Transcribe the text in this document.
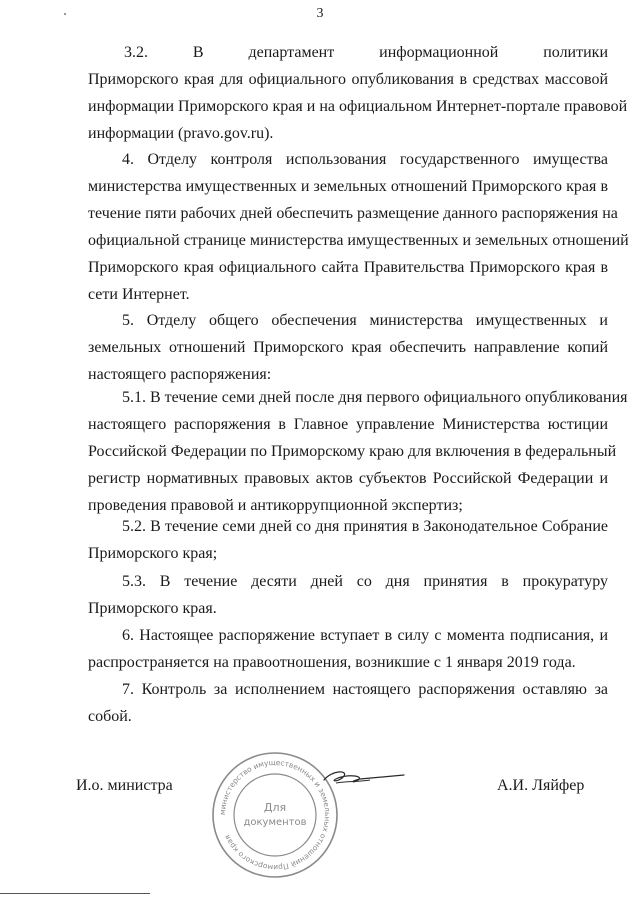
3

3.2. В департамент информационной политики
Приморского края для официального опубликования в средствах массовой
информации Приморского края и на официальном Интернет-портале правовой
информации (pravo.gov.ru).

4. Отделу контроля использования государственного имущества
министерства имущественных и земельных отношений Приморского края в
течение пяти рабочих дней обеспечить размещение данного распоряжения на
официальной странице министерства имущественных и земельных отношений
Приморского края официального сайта Правительства Приморского края в
сети Интернет.

5. Отделу общего обеспечения министерства имущественных и
земельных отношений Приморского края обеспечить направление копий
настоящего распоряжения:

5.1. В течение семи дней после дня первого официального опубликования
настоящего распоряжения в Главное управление Министерства юстиции
Российской Федерации по Приморскому краю для включения в федеральный
регистр нормативных правовых актов субъектов Российской Федерации и
проведения правовой и антикоррупционной экспертиз;

5.2. В течение семи дней со дня принятия в Законодательное Собрание
Приморского края;

5.3. В течение десяти дней со дня принятия в прокуратуру
Приморского края.

6. Настоящее распоряжение вступает в силу с момента подписания, и
распространяется на правоотношения, возникшие с 1 января 2019 года.

7. Контроль за исполнением настоящего распоряжения оставляю за
собой.

И.о. министра
министерство имущественных и земельных отношений Приморского края
Для
документов
А.И. Ляйфер
